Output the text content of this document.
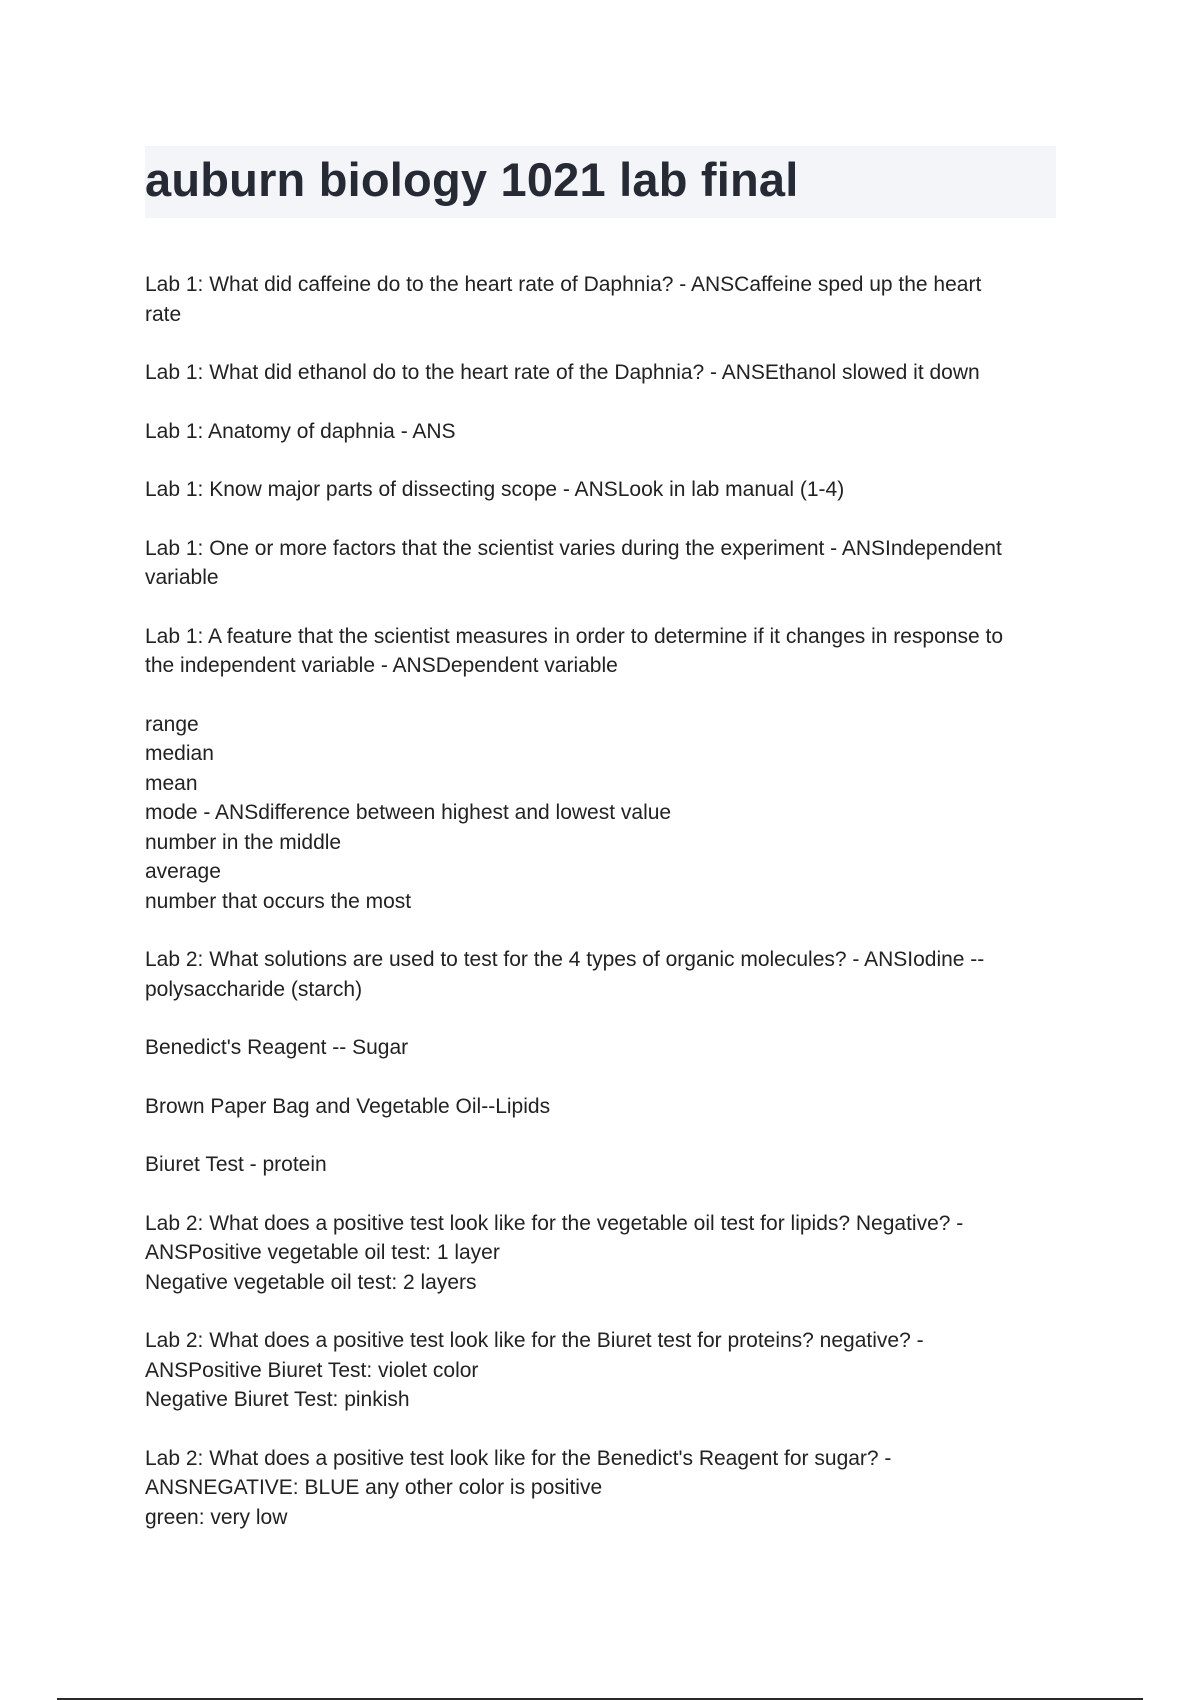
auburn biology 1021 lab final

Lab 1: What did caffeine do to the heart rate of Daphnia? - ANSCaffeine sped up the heart
rate

Lab 1: What did ethanol do to the heart rate of the Daphnia? - ANSEthanol slowed it down

Lab 1: Anatomy of daphnia - ANS

Lab 1: Know major parts of dissecting scope - ANSLook in lab manual (1-4)

Lab 1: One or more factors that the scientist varies during the experiment - ANSIndependent
variable

Lab 1: A feature that the scientist measures in order to determine if it changes in response to
the independent variable - ANSDependent variable

range
median
mean
mode - ANSdifference between highest and lowest value
number in the middle
average
number that occurs the most

Lab 2: What solutions are used to test for the 4 types of organic molecules? - ANSIodine --
polysaccharide (starch)

Benedict's Reagent -- Sugar

Brown Paper Bag and Vegetable Oil--Lipids

Biuret Test - protein

Lab 2: What does a positive test look like for the vegetable oil test for lipids? Negative? -
ANSPositive vegetable oil test: 1 layer
Negative vegetable oil test: 2 layers

Lab 2: What does a positive test look like for the Biuret test for proteins? negative? -
ANSPositive Biuret Test: violet color
Negative Biuret Test: pinkish

Lab 2: What does a positive test look like for the Benedict's Reagent for sugar? -
ANSNEGATIVE: BLUE any other color is positive
green: very low
